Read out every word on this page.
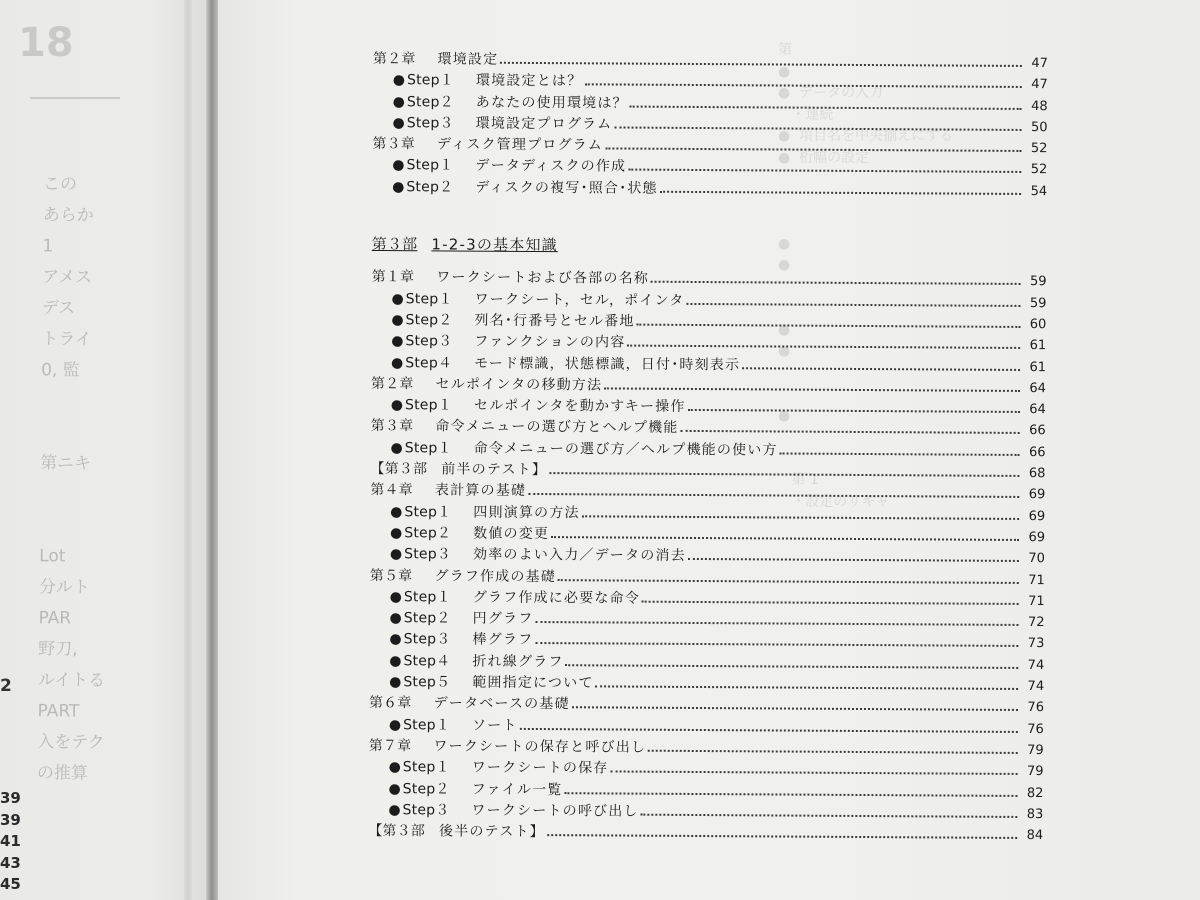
18
この
あらか
1
アメス
デス
トライ
0, 監
第ニキ
Lot
分ルト
PAR
野刀,
ルイトる
PART
入をテク
の推算
2
39
39
41
43
45
第
●
●  データの入力
・連続
●  項目名を中央揃えにする
●  桁幅の設定

●
●

●
●

●

第 1
・設定のリキャ
第２章 環境設定	47
● Step１ 環境設定とは？	47
● Step２ あなたの使用環境は？	48
● Step３ 環境設定プログラム	50
第３章 ディスク管理プログラム	52
● Step１ データディスクの作成	52
● Step２ ディスクの複写･照合･状態	54
第３部 1-2-3の基本知識
第１章 ワークシートおよび各部の名称	59
● Step１ ワークシート，セル，ポインタ	59
● Step２ 列名･行番号とセル番地	60
● Step３ ファンクションの内容	61
● Step４ モード標識，状態標識，日付･時刻表示	61
第２章 セルポインタの移動方法	64
● Step１ セルポインタを動かすキー操作	64
第３章 命令メニューの選び方とヘルプ機能	66
● Step１ 命令メニューの選び方／ヘルプ機能の使い方	66
【第３部 前半のテスト】	68
第４章 表計算の基礎	69
● Step１ 四則演算の方法	69
● Step２ 数値の変更	69
● Step３ 効率のよい入力／データの消去	70
第５章 グラフ作成の基礎	71
● Step１ グラフ作成に必要な命令	71
● Step２ 円グラフ	72
● Step３ 棒グラフ	73
● Step４ 折れ線グラフ	74
● Step５ 範囲指定について	74
第６章 データベースの基礎	76
● Step１ ソート	76
第７章 ワークシートの保存と呼び出し	79
● Step１ ワークシートの保存	79
● Step２ ファイル一覧	82
● Step３ ワークシートの呼び出し	83
【第３部 後半のテスト】	84
